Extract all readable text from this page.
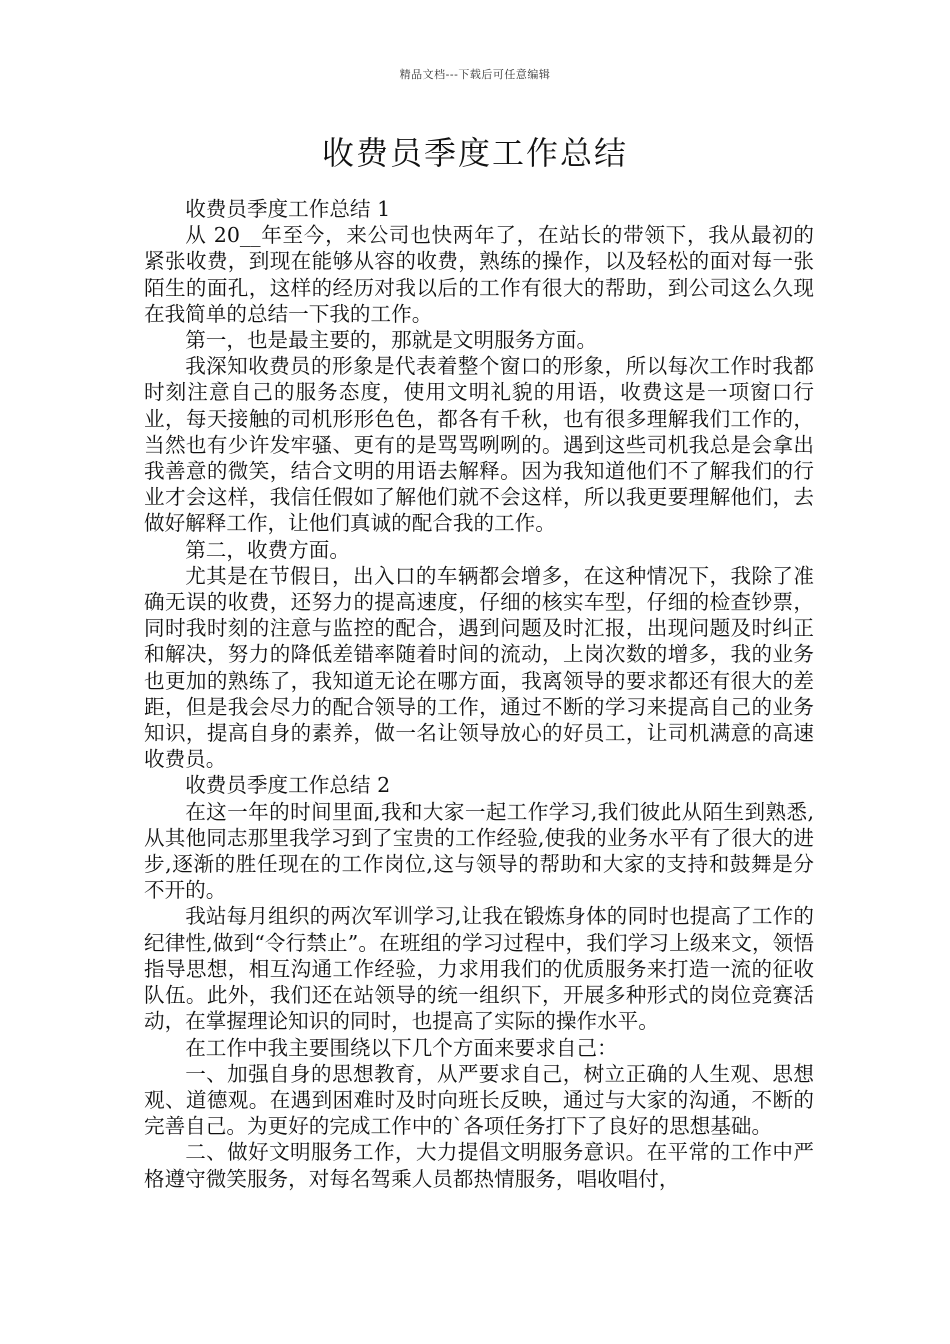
精品文档---下载后可任意编辑
收费员季度工作总结

收费员季度工作总结 1

从 20__年至今，来公司也快两年了，在站长的带领下，我从最初的紧张收费，到现在能够从容的收费，熟练的操作，以及轻松的面对每一张陌生的面孔，这样的经历对我以后的工作有很大的帮助，到公司这么久现在我简单的总结一下我的工作。

第一，也是最主要的，那就是文明服务方面。

我深知收费员的形象是代表着整个窗口的形象，所以每次工作时我都时刻注意自己的服务态度，使用文明礼貌的用语，收费这是一项窗口行业，每天接触的司机形形色色，都各有千秋，也有很多理解我们工作的，当然也有少许发牢骚、更有的是骂骂咧咧的。遇到这些司机我总是会拿出我善意的微笑，结合文明的用语去解释。因为我知道他们不了解我们的行业才会这样，我信任假如了解他们就不会这样，所以我更要理解他们，去做好解释工作，让他们真诚的配合我的工作。

第二，收费方面。

尤其是在节假日，出入口的车辆都会增多，在这种情况下，我除了准确无误的收费，还努力的提高速度，仔细的核实车型，仔细的检查钞票，同时我时刻的注意与监控的配合，遇到问题及时汇报，出现问题及时纠正和解决，努力的降低差错率随着时间的流动，上岗次数的增多，我的业务也更加的熟练了，我知道无论在哪方面，我离领导的要求都还有很大的差距，但是我会尽力的配合领导的工作，通过不断的学习来提高自己的业务知识，提高自身的素养，做一名让领导放心的好员工，让司机满意的高速收费员。

收费员季度工作总结 2

在这一年的时间里面,我和大家一起工作学习,我们彼此从陌生到熟悉,从其他同志那里我学习到了宝贵的工作经验,使我的业务水平有了很大的进步,逐渐的胜任现在的工作岗位,这与领导的帮助和大家的支持和鼓舞是分不开的。

我站每月组织的两次军训学习,让我在锻炼身体的同时也提高了工作的纪律性,做到“令行禁止”。在班组的学习过程中，我们学习上级来文，领悟指导思想，相互沟通工作经验，力求用我们的优质服务来打造一流的征收队伍。此外，我们还在站领导的统一组织下，开展多种形式的岗位竞赛活动，在掌握理论知识的同时，也提高了实际的操作水平。

在工作中我主要围绕以下几个方面来要求自己：

一、加强自身的思想教育，从严要求自己，树立正确的人生观、思想观、道德观。在遇到困难时及时向班长反映，通过与大家的沟通，不断的完善自己。为更好的完成工作中的`各项任务打下了良好的思想基础。

二、做好文明服务工作，大力提倡文明服务意识。在平常的工作中严格遵守微笑服务，对每名驾乘人员都热情服务，唱收唱付，
